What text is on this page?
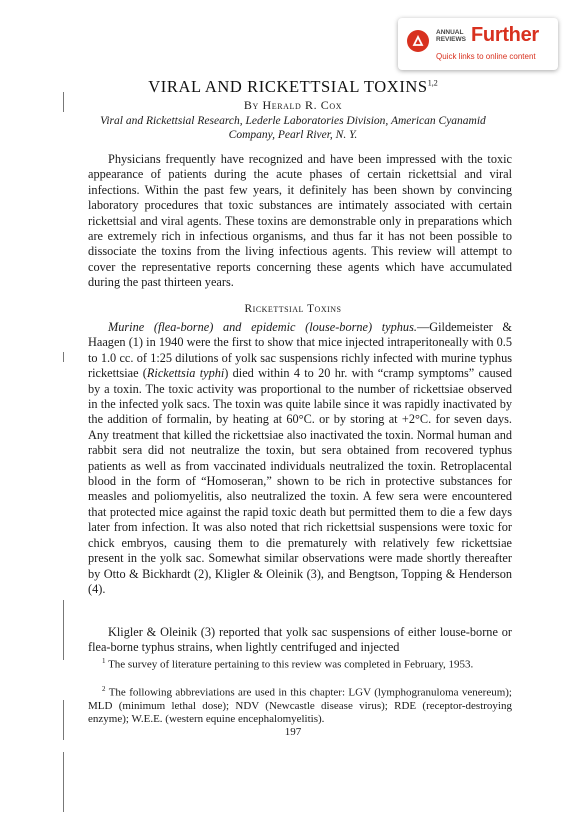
ANNUAL
REVIEWS Further
Quick links to online content
VIRAL AND RICKETTSIAL TOXINS$^{1,2}$
By Herald R. Cox
Viral and Rickettsial Research, Lederle Laboratories Division, American Cyanamid Company, Pearl River, N. Y.

Physicians frequently have recognized and have been impressed with the toxic appearance of patients during the acute phases of certain rickettsial and viral infections. Within the past few years, it definitely has been shown by convincing laboratory procedures that toxic substances are intimately associated with certain rickettsial and viral agents. These toxins are demonstrable only in preparations which are extremely rich in infectious organisms, and thus far it has not been possible to dissociate the toxins from the living infectious agents. This review will attempt to cover the representative reports concerning these agents which have accumulated during the past thirteen years.

Rickettsial Toxins

Murine (flea-borne) and epidemic (louse-borne) typhus.—Gildemeister & Haagen (1) in 1940 were the first to show that mice injected intraperitoneally with 0.5 to 1.0 cc. of 1:25 dilutions of yolk sac suspensions richly infected with murine typhus rickettsiae (Rickettsia typhi) died within 4 to 20 hr. with “cramp symptoms” caused by a toxin. The toxic activity was proportional to the number of rickettsiae observed in the infected yolk sacs. The toxin was quite labile since it was rapidly inactivated by the addition of formalin, by heating at 60°C. or by storing at +2°C. for seven days. Any treatment that killed the rickettsiae also inactivated the toxin. Normal human and rabbit sera did not neutralize the toxin, but sera obtained from recovered typhus patients as well as from vaccinated individuals neutralized the toxin. Retroplacental blood in the form of “Homoseran,” shown to be rich in protective substances for measles and poliomyelitis, also neutralized the toxin. A few sera were encountered that protected mice against the rapid toxic death but permitted them to die a few days later from infection. It was also noted that rich rickettsial suspensions were toxic for chick embryos, causing them to die prematurely with relatively few rickettsiae present in the yolk sac. Somewhat similar observations were made shortly thereafter by Otto & Bickhardt (2), Kligler & Oleinik (3), and Bengtson, Topping & Henderson (4).

Kligler & Oleinik (3) reported that yolk sac suspensions of either louse-borne or flea-borne typhus strains, when lightly centrifuged and injected

$^1$ The survey of literature pertaining to this review was completed in February, 1953.

$^2$ The following abbreviations are used in this chapter: LGV (lymphogranuloma venereum); MLD (minimum lethal dose); NDV (Newcastle disease virus); RDE (receptor-destroying enzyme); W.E.E. (western equine encephalomyelitis).

197
